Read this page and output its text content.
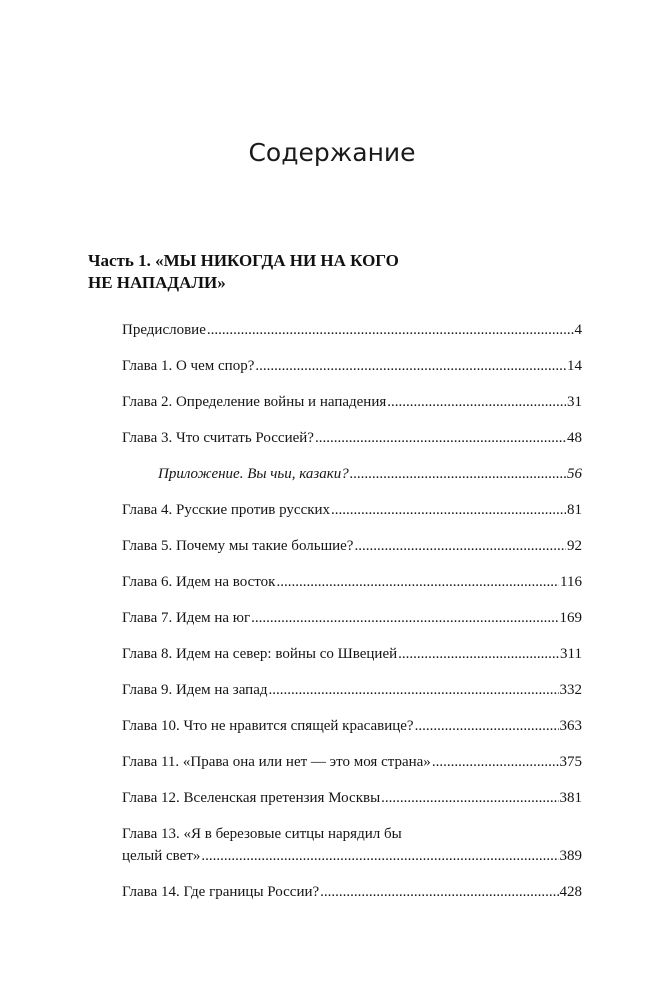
Содержание
Часть 1. «МЫ НИКОГДА НИ НА КОГО
НЕ НАПАДАЛИ»
Предисловие .....	4
Глава 1. О чем спор? .....	14
Глава 2. Определение войны и нападения .....	31
Глава 3. Что считать Россией? .....	48
Приложение. Вы чьи, казаки? .....	56
Глава 4. Русские против русских .....	81
Глава 5. Почему мы такие большие? .....	92
Глава 6. Идем на восток .....	116
Глава 7. Идем на юг .....	169
Глава 8. Идем на север: войны со Швецией .....	311
Глава 9. Идем на запад .....	332
Глава 10. Что не нравится спящей красавице? .....	363
Глава 11. «Права она или нет — это моя страна» .....	375
Глава 12. Вселенская претензия Москвы .....	381
Глава 13. «Я в березовые ситцы нарядил бы
целый свет» .....	389
Глава 14. Где границы России? .....	428
